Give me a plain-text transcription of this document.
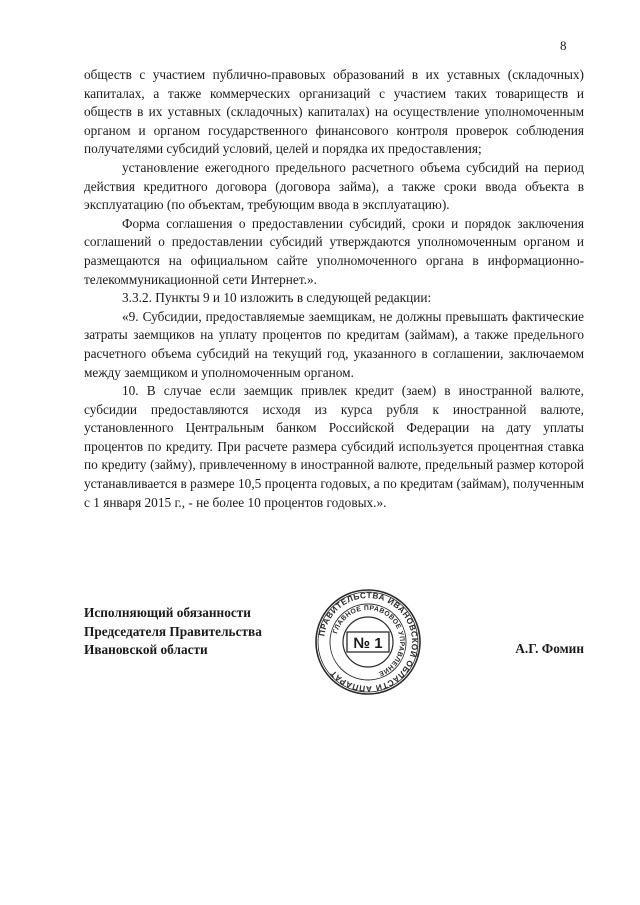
8

обществ с участием публично-правовых образований в их уставных (складочных) капиталах, а также коммерческих организаций с участием таких товариществ и обществ в их уставных (складочных) капиталах) на осуществление уполномоченным органом и органом государственного финансового контроля проверок соблюдения получателями субсидий условий, целей и порядка их предоставления;

установление ежегодного предельного расчетного объема субсидий на период действия кредитного договора (договора займа), а также сроки ввода объекта в эксплуатацию (по объектам, требующим ввода в эксплуатацию).

Форма соглашения о предоставлении субсидий, сроки и порядок заключения соглашений о предоставлении субсидий утверждаются уполномоченным органом и размещаются на официальном сайте уполномоченного органа в информационно-телекоммуникационной сети Интернет.».

3.3.2. Пункты 9 и 10 изложить в следующей редакции:

«9. Субсидии, предоставляемые заемщикам, не должны превышать фактические затраты заемщиков на уплату процентов по кредитам (займам), а также предельного расчетного объема субсидий на текущий год, указанного в соглашении, заключаемом между заемщиком и уполномоченным органом.

10. В случае если заемщик привлек кредит (заем) в иностранной валюте, субсидии предоставляются исходя из курса рубля к иностранной валюте, установленного Центральным банком Российской Федерации на дату уплаты процентов по кредиту. При расчете размера субсидий используется процентная ставка по кредиту (займу), привлеченному в иностранной валюте, предельный размер которой устанавливается в размере 10,5 процента годовых, а по кредитам (займам), полученным с 1 января 2015 г., - не более 10 процентов годовых.».

Исполняющий обязанности
Председателя Правительства
Ивановской области	А.Г. Фомин
ПРАВИТЕЛЬСТВА ИВАНОВСКОЙ ОБЛАСТИ АППАРАТ
ГЛАВНОЕ ПРАВОВОЕ УПРАВЛЕНИЕ
№ 1
